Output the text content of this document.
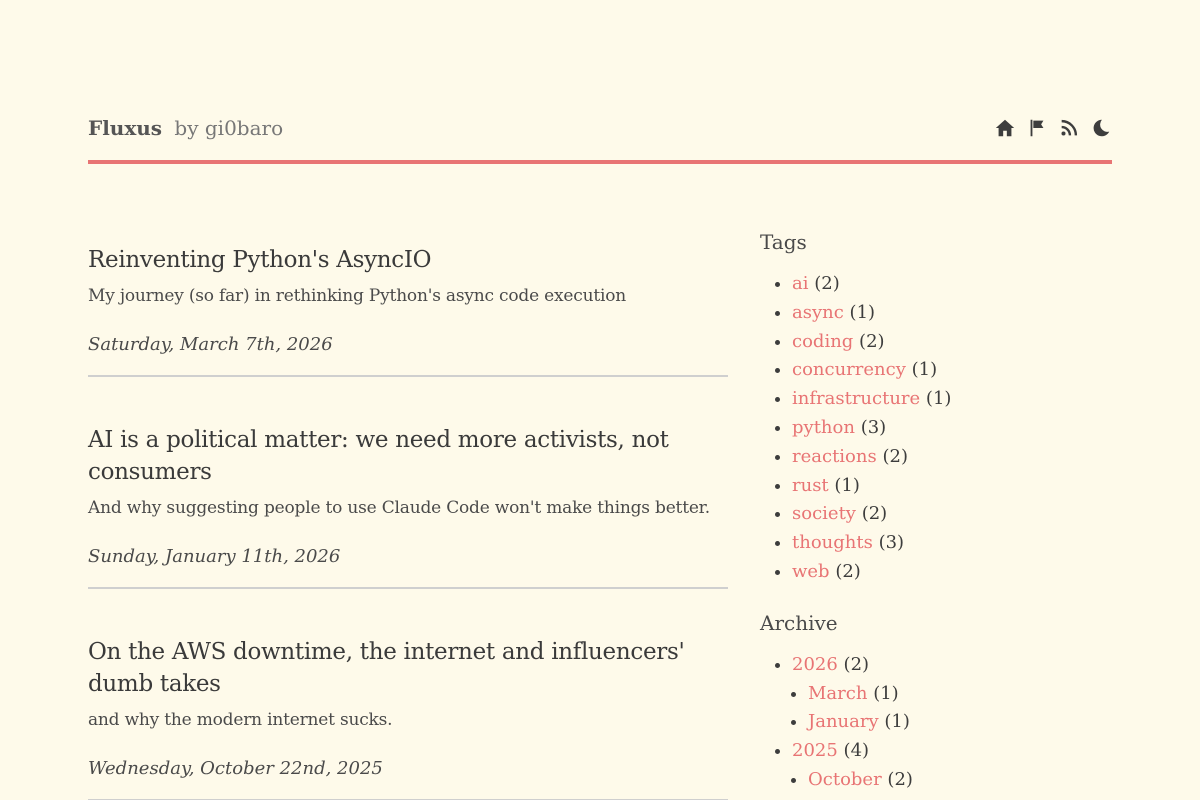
Fluxus by gi0baro
Reinventing Python's AsyncIO

My journey (so far) in rethinking Python's async code execution

Saturday, March 7th, 2026

AI is a political matter: we need more activists, not consumers

And why suggesting people to use Claude Code won't make things better.

Sunday, January 11th, 2026

On the AWS downtime, the internet and influencers' dumb takes

and why the modern internet sucks.

Wednesday, October 22nd, 2025

Tags
• ai (2)
• async (1)
• coding (2)
• concurrency (1)
• infrastructure (1)
• python (3)
• reactions (2)
• rust (1)
• society (2)
• thoughts (3)
• web (2)
Archive
• 2026 (2)
• March (1)
• January (1)
• 2025 (4)
• October (2)
